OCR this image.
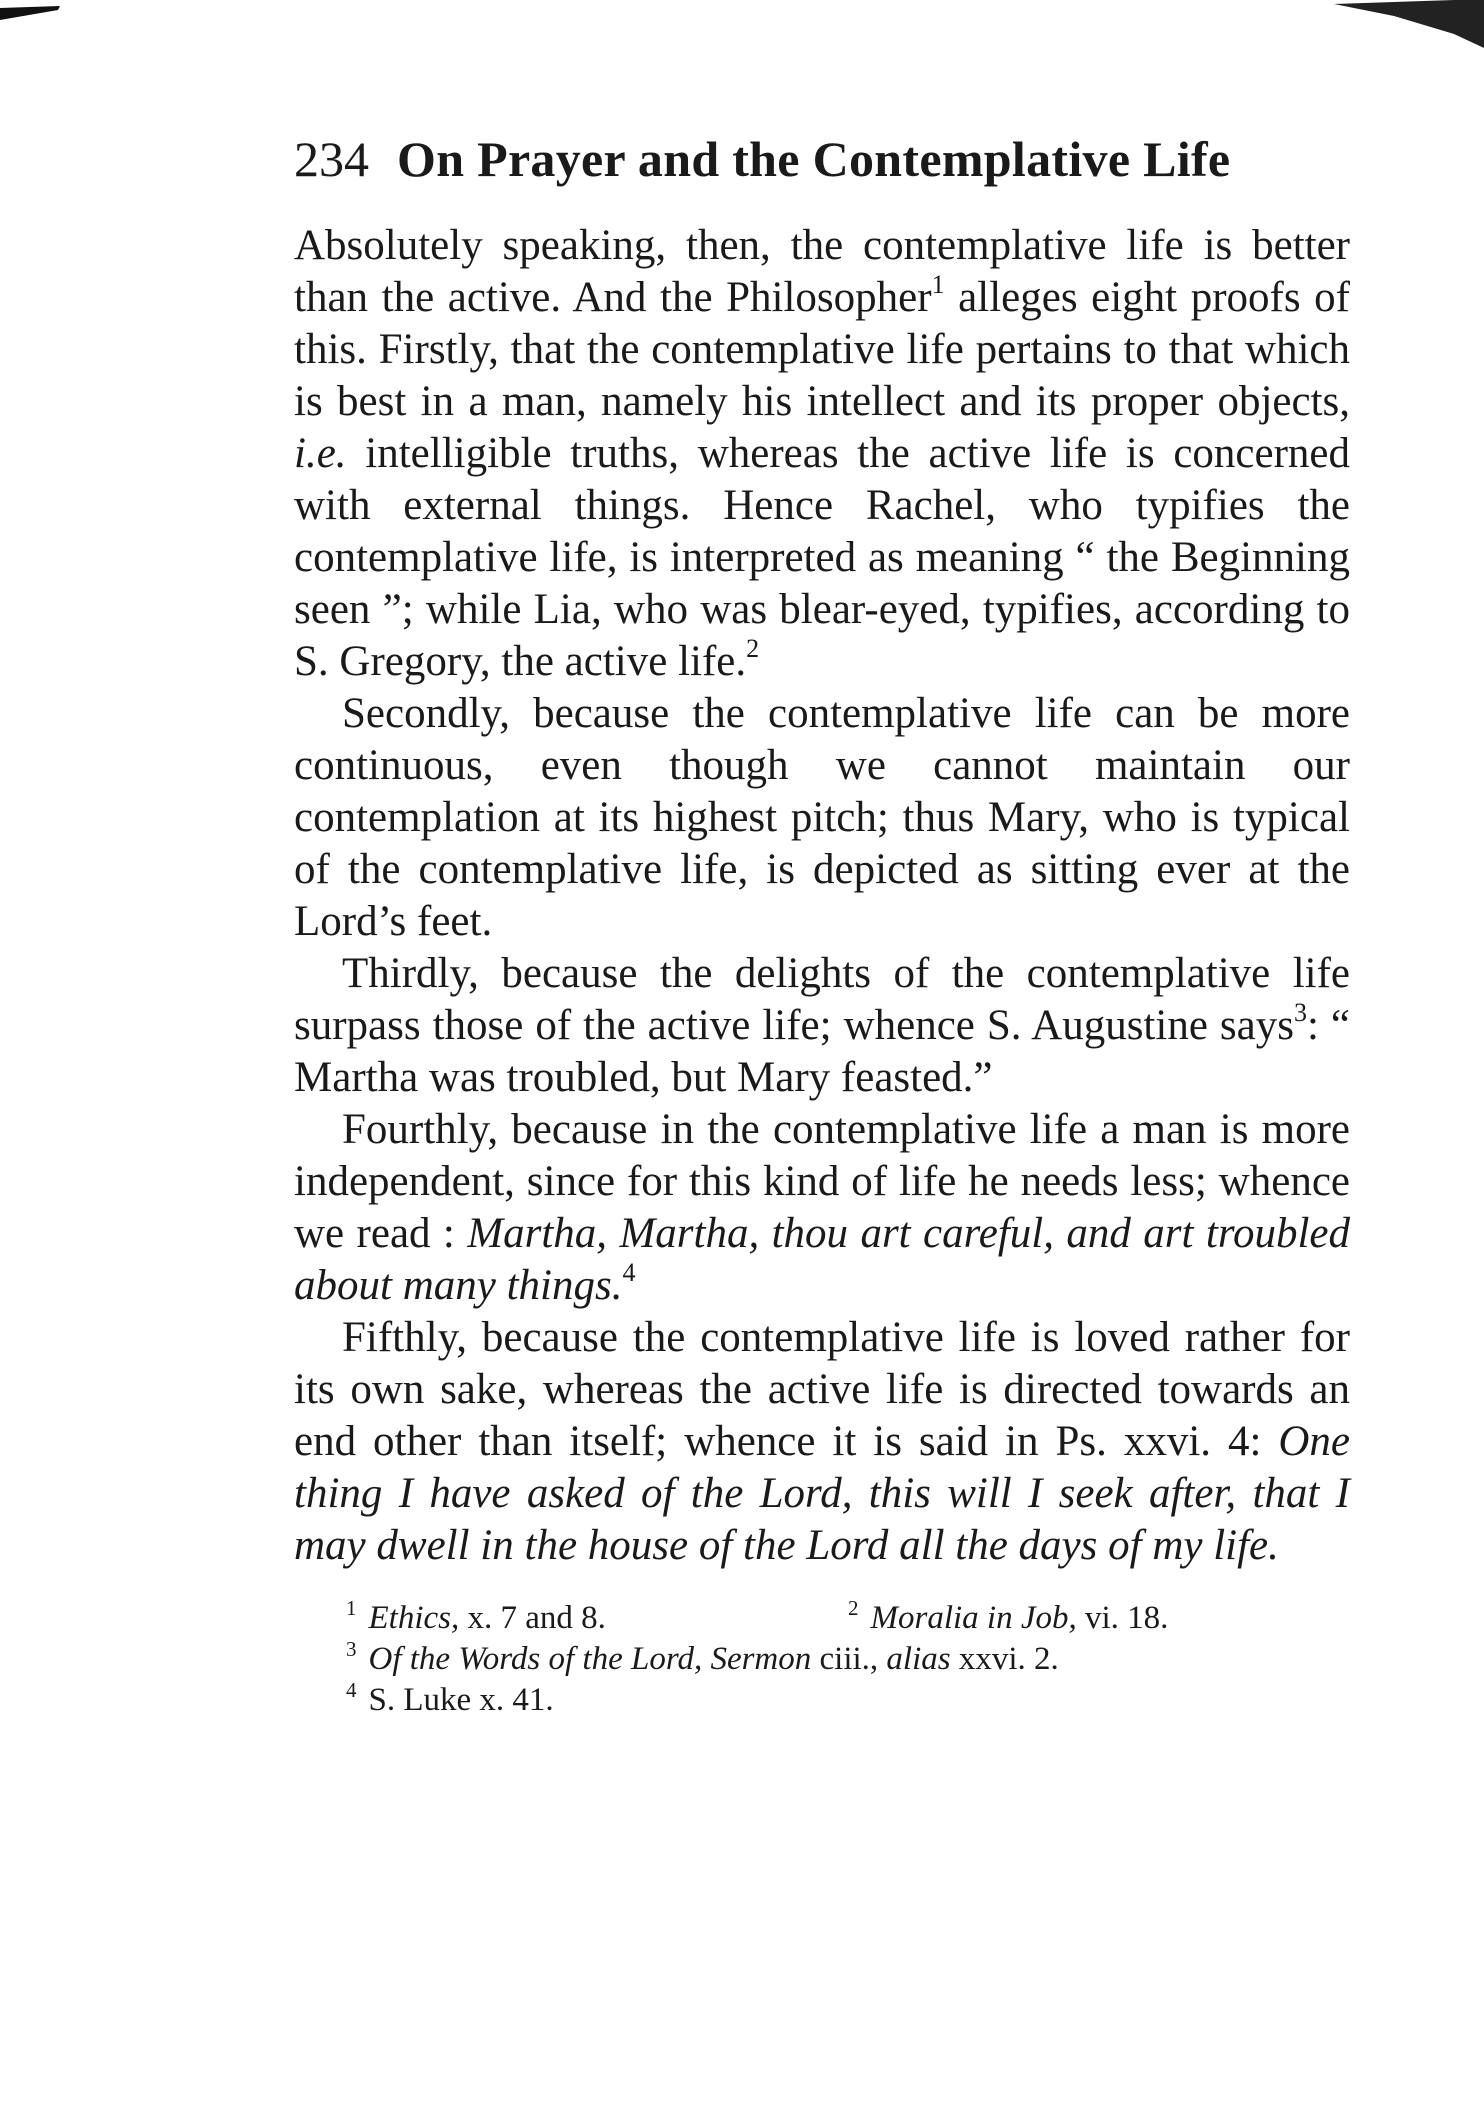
234 On Prayer and the Contemplative Life

Absolutely speaking, then, the contemplative life is better than the active. And the Philosopher$^1$ alleges eight proofs of this. Firstly, that the contemplative life pertains to that which is best in a man, namely his intellect and its proper objects, i.e. intelligible truths, whereas the active life is concerned with external things. Hence Rachel, who typifies the contemplative life, is interpreted as meaning “ the Beginning seen ”; while Lia, who was blear-eyed, typifies, according to S. Gregory, the active life.$^2$

Secondly, because the contemplative life can be more continuous, even though we cannot maintain our contemplation at its highest pitch; thus Mary, who is typical of the contemplative life, is depicted as sitting ever at the Lord’s feet.

Thirdly, because the delights of the contemplative life surpass those of the active life; whence S. Augustine says$^3$: “ Martha was troubled, but Mary feasted.”

Fourthly, because in the contemplative life a man is more independent, since for this kind of life he needs less; whence we read : Martha, Martha, thou art careful, and art troubled about many things.$^4$

Fifthly, because the contemplative life is loved rather for its own sake, whereas the active life is directed towards an end other than itself; whence it is said in Ps. xxvi. 4: One thing I have asked of the Lord, this will I seek after, that I may dwell in the house of the Lord all the days of my life.

$^1$ Ethics, x. 7 and 8.	$^2$ Moralia in Job, vi. 18.
$^3$ Of the Words of the Lord, Sermon ciii., alias xxvi. 2.
$^4$ S. Luke x. 41.
